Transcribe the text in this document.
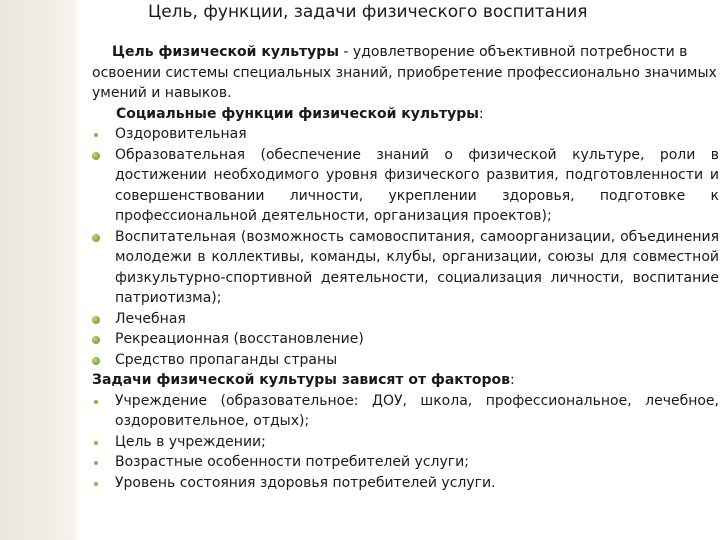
Цель, функции, задачи физического воспитания

Цель физической культуры - удовлетворение объективной потребности в освоении системы специальных знаний, приобретение профессионально значимых умений и навыков.

Социальные функции физической культуры:

Оздоровительная
Образовательная (обеспечение знаний о физической культуре, роли в достижении необходимого уровня физического развития, подготовленности и совершенствовании личности, укреплении здоровья, подготовке к профессиональной деятельности, организация проектов);
Воспитательная (возможность самовоспитания, самоорганизации, объединения молодежи в коллективы, команды, клубы, организации, союзы для совместной физкультурно-спортивной деятельности, социализация личности, воспитание патриотизма);
Лечебная
Рекреационная (восстановление)
Средство пропаганды страны

Задачи физической культуры зависят от факторов:

Учреждение (образовательное: ДОУ, школа, профессиональное, лечебное, оздоровительное, отдых);
Цель в учреждении;
Возрастные особенности потребителей услуги;
Уровень состояния здоровья потребителей услуги.
